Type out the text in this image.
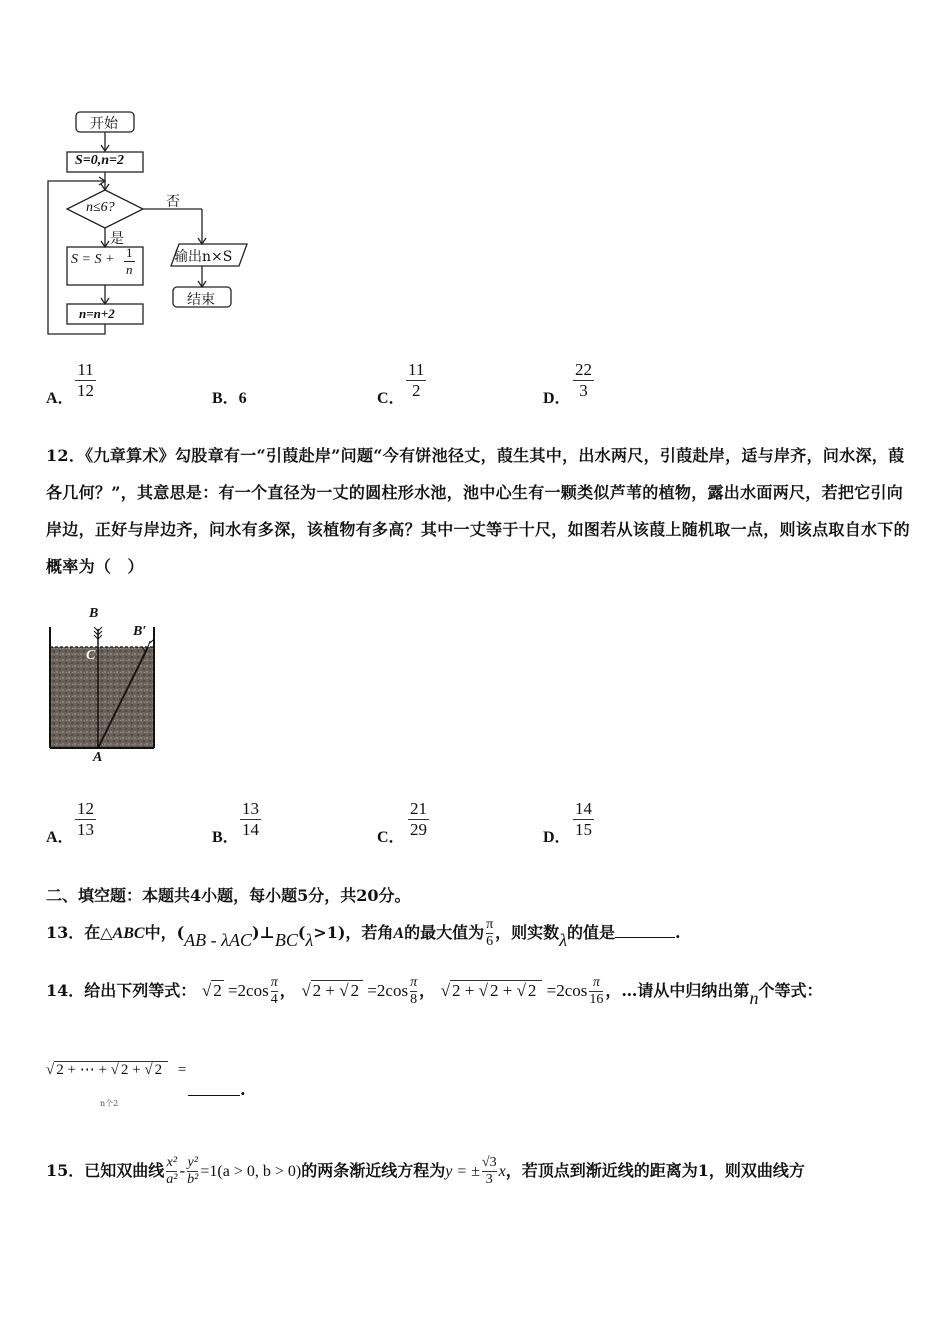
开始
S=0,n=2
n≤6?	否
是
$S = S + \frac{1}{n}$	输出n×S
结束
n=n+2
A． $\frac{11}{12}$	B．6	C． $\frac{11}{2}$	D． $\frac{22}{3}$
12．《九章算术》勾股章有一“引葭赴岸”问题“今有饼池径丈，葭生其中，出水两尺，引葭赴岸，适与岸齐，问水深，葭各几何？”，其意思是：有一个直径为一丈的圆柱形水池，池中心生有一颗类似芦苇的植物，露出水面两尺，若把它引向岸边，正好与岸边齐，问水有多深，该植物有多高？其中一丈等于十尺，如图若从该葭上随机取一点，则该点取自水下的概率为（　）
B
B′
C
A
A． $\frac{12}{13}$	B． $\frac{13}{14}$	C． $\frac{21}{29}$	D． $\frac{14}{15}$
二、填空题：本题共4小题，每小题5分，共20分。
13．在△ABC中，(AB - λAC)⊥BC(λ>1)，若角A的最大值为 $\frac{\pi}{6}$ ，则实数λ的值是	.
14．给出下列等式： √ $2 =2\cos \frac{\pi}{4}$ ， √ 2 + √ $2 =2\cos \frac{\pi}{8}$ ， √ 2 + √ 2 + √ $2 =2\cos \frac{\pi}{16}$ ，…请从中归纳出第n个等式：
√ 2 + ⋯ + √ 2 + √ 2 =
n个2
.
15．已知双曲线 $\frac{\text{x²}}{\text{a²}} - \frac{\text{y²}}{\text{b²}} =1(a > 0$, b > 0)的两条渐近线方程为y = ± $\frac{√3}{3}$ x，若顶点到渐近线的距离为1，则双曲线方
